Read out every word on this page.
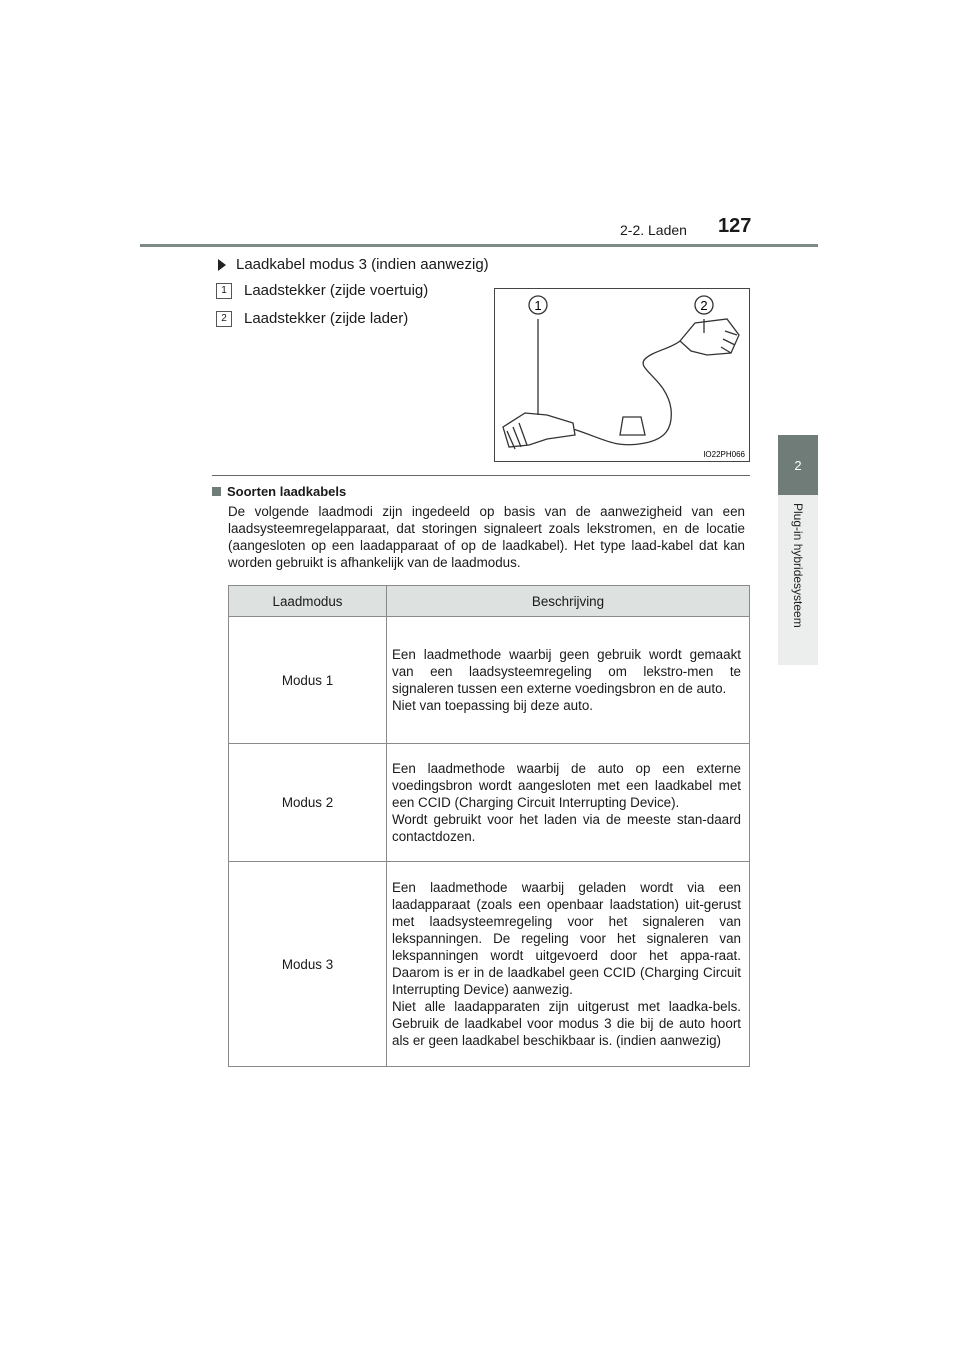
2-2. Laden 127
2
Plug-in hybridesysteem
Laadkabel modus 3 (indien aanwezig)
1	Laadstekker (zijde voertuig)
2	Laadstekker (zijde lader)
1	2
IO22PH066
Soorten laadkabels

De volgende laadmodi zijn ingedeeld op basis van de aanwezigheid van een laadsysteemregelapparaat, dat storingen signaleert zoals lekstromen, en de locatie (aangesloten op een laadapparaat of op de laadkabel). Het type laad-kabel dat kan worden gebruikt is afhankelijk van de laadmodus.

Laadmodus	Beschrijving
Modus 1	Een laadmethode waarbij geen gebruik wordt gemaakt van een laadsysteemregeling om lekstro-men te signaleren tussen een externe voedingsbron en de auto.
Niet van toepassing bij deze auto.

Modus 2	Een laadmethode waarbij de auto op een externe voedingsbron wordt aangesloten met een laadkabel met een CCID (Charging Circuit Interrupting Device).
Wordt gebruikt voor het laden via de meeste stan-daard contactdozen.

Modus 3	Een laadmethode waarbij geladen wordt via een laadapparaat (zoals een openbaar laadstation) uit-gerust met laadsysteemregeling voor het signaleren van lekspanningen. De regeling voor het signaleren van lekspanningen wordt uitgevoerd door het appa-raat. Daarom is er in de laadkabel geen CCID (Charging Circuit Interrupting Device) aanwezig.
Niet alle laadapparaten zijn uitgerust met laadka-bels. Gebruik de laadkabel voor modus 3 die bij de auto hoort als er geen laadkabel beschikbaar is. (indien aanwezig)
